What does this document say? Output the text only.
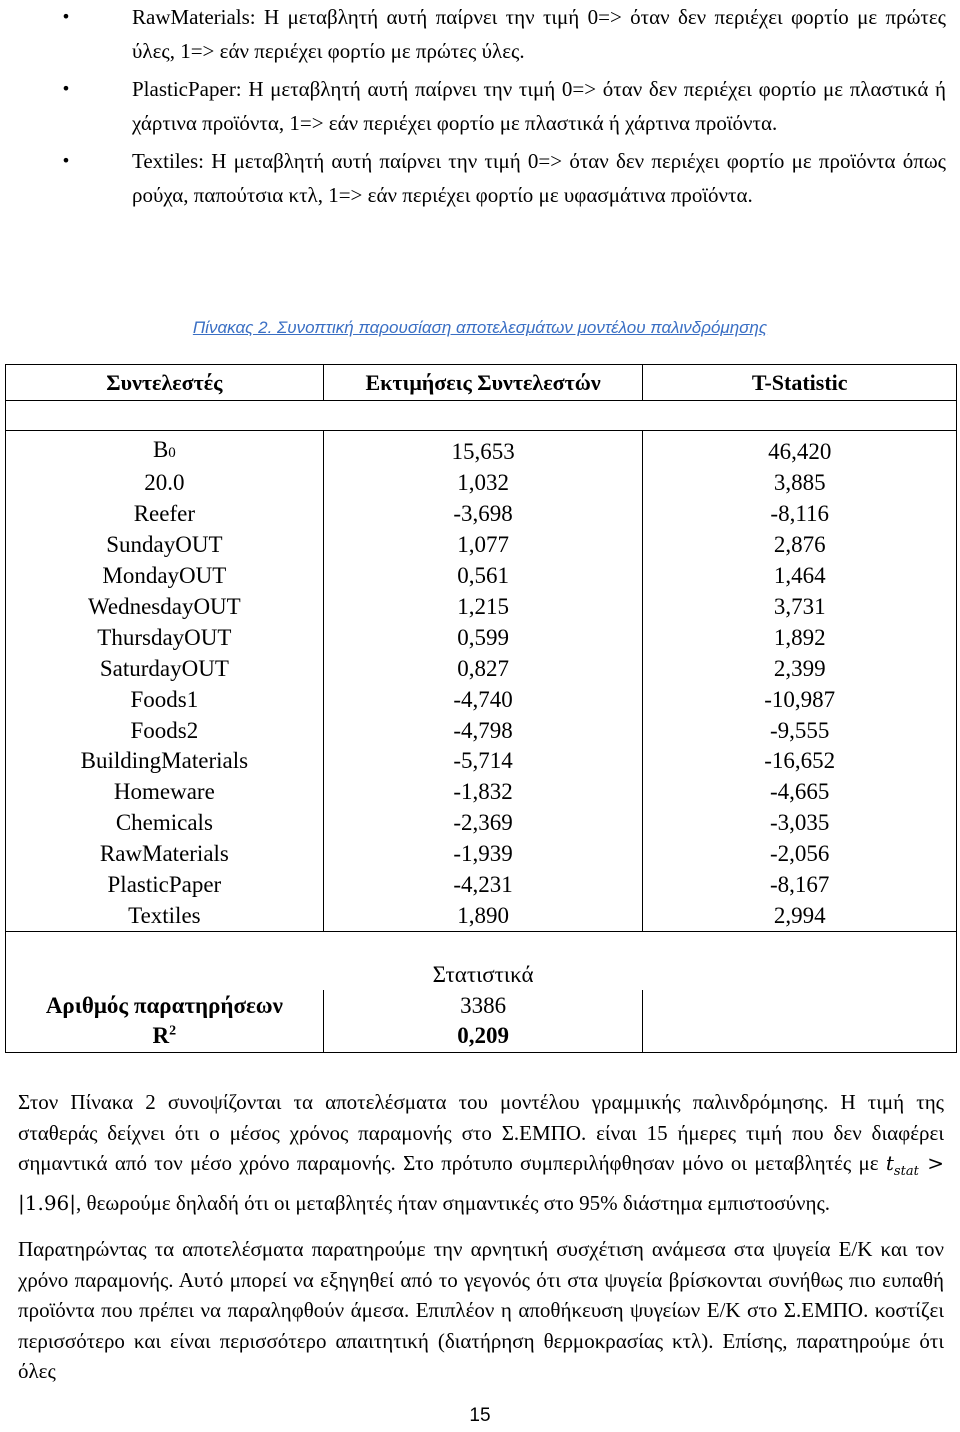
•	RawMaterials: Η μεταβλητή αυτή παίρνει την τιμή 0=> όταν δεν περιέχει φορτίο με πρώτες ύλες, 1=> εάν περιέχει φορτίο με πρώτες ύλες.
•	PlasticPaper: Η μεταβλητή αυτή παίρνει την τιμή 0=> όταν δεν περιέχει φορτίο με πλαστικά ή χάρτινα προϊόντα, 1=> εάν περιέχει φορτίο με πλαστικά ή χάρτινα προϊόντα.
•	Textiles: Η μεταβλητή αυτή παίρνει την τιμή 0=> όταν δεν περιέχει φορτίο με προϊόντα όπως ρούχα, παπούτσια κτλ, 1=> εάν περιέχει φορτίο με υφασμάτινα προϊόντα.
Πίνακας 2. Συνοπτική παρουσίαση αποτελεσμάτων μοντέλου παλινδρόμησης
Συντελεστές	Εκτιμήσεις Συντελεστών	T-Statistic

B0	15,653	46,420
20.0	1,032	3,885
Reefer	-3,698	-8,116
SundayOUT	1,077	2,876
MondayOUT	0,561	1,464
WednesdayOUT	1,215	3,731
ThursdayOUT	0,599	1,892
SaturdayOUT	0,827	2,399
Foods1	-4,740	-10,987
Foods2	-4,798	-9,555
BuildingMaterials	-5,714	-16,652
Homeware	-1,832	-4,665
Chemicals	-2,369	-3,035
RawMaterials	-1,939	-2,056
PlasticPaper	-4,231	-8,167
Textiles	1,890	2,994

	Στατιστικά	
Αριθμός παρατηρήσεων	3386	
$R^2$	0,209	
Στον Πίνακα 2 συνοψίζονται τα αποτελέσματα του μοντέλου γραμμικής παλινδρόμησης. Η τιμή της σταθεράς δείχνει ότι ο μέσος χρόνος παραμονής στο Σ.ΕΜΠΟ. είναι 15 ήμερες τιμή που δεν διαφέρει σημαντικά από τον μέσο χρόνο παραμονής. Στο πρότυπο συμπεριλήφθησαν μόνο οι μεταβλητές με $t_{stat} > |1.96|$, θεωρούμε δηλαδή ότι οι μεταβλητές ήταν σημαντικές στο 95% διάστημα εμπιστοσύνης.
Παρατηρώντας τα αποτελέσματα παρατηρούμε την αρνητική συσχέτιση ανάμεσα στα ψυγεία Ε/Κ και τον χρόνο παραμονής. Αυτό μπορεί να εξηγηθεί από το γεγονός ότι στα ψυγεία βρίσκονται συνήθως πιο ευπαθή προϊόντα που πρέπει να παραληφθούν άμεσα. Επιπλέον η αποθήκευση ψυγείων Ε/Κ στο Σ.ΕΜΠΟ. κοστίζει περισσότερο και είναι περισσότερο απαιτητική (διατήρηση θερμοκρασίας κτλ). Επίσης, παρατηρούμε ότι όλες
15
